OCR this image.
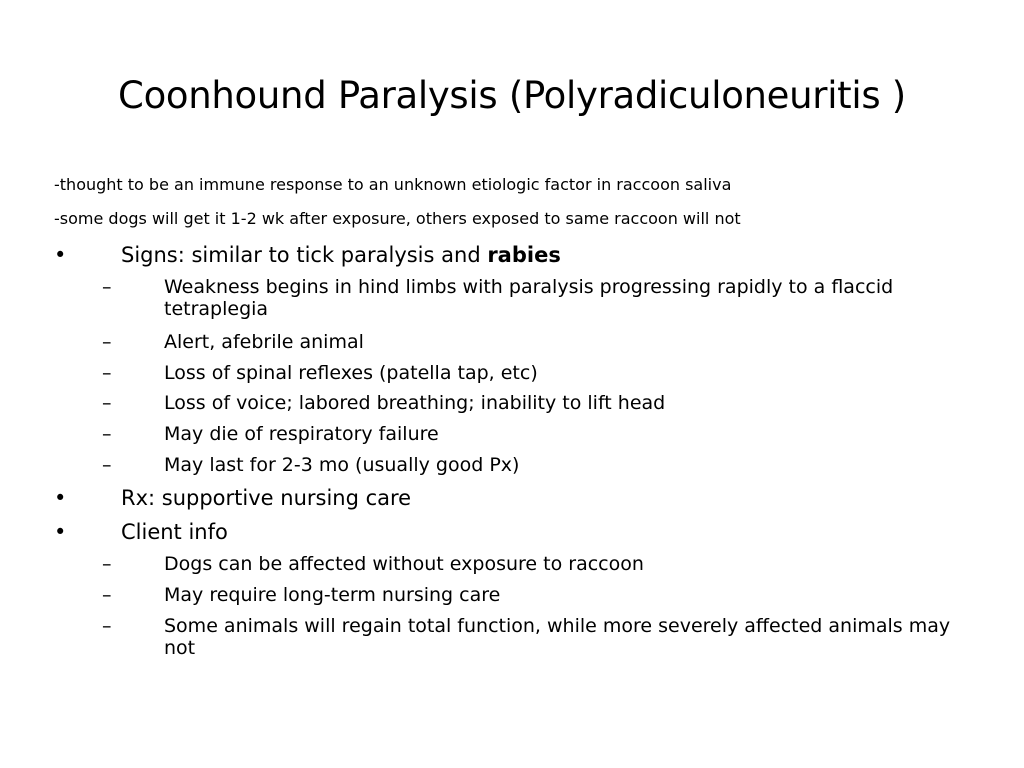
Coonhound Paralysis (Polyradiculoneuritis )
-thought to be an immune response to an unknown etiologic factor in raccoon saliva
-some dogs will get it 1-2 wk after exposure, others exposed to same raccoon will not
•	Signs: similar to tick paralysis and rabies
–	Weakness begins in hind limbs with paralysis progressing rapidly to a flaccid tetraplegia
–	Alert, afebrile animal
–	Loss of spinal reflexes (patella tap, etc)
–	Loss of voice; labored breathing; inability to lift head
–	May die of respiratory failure
–	May last for 2-3 mo (usually good Px)
•	Rx: supportive nursing care
•	Client info
–	Dogs can be affected without exposure to raccoon
–	May require long-term nursing care
–	Some animals will regain total function, while more severely affected animals may not
